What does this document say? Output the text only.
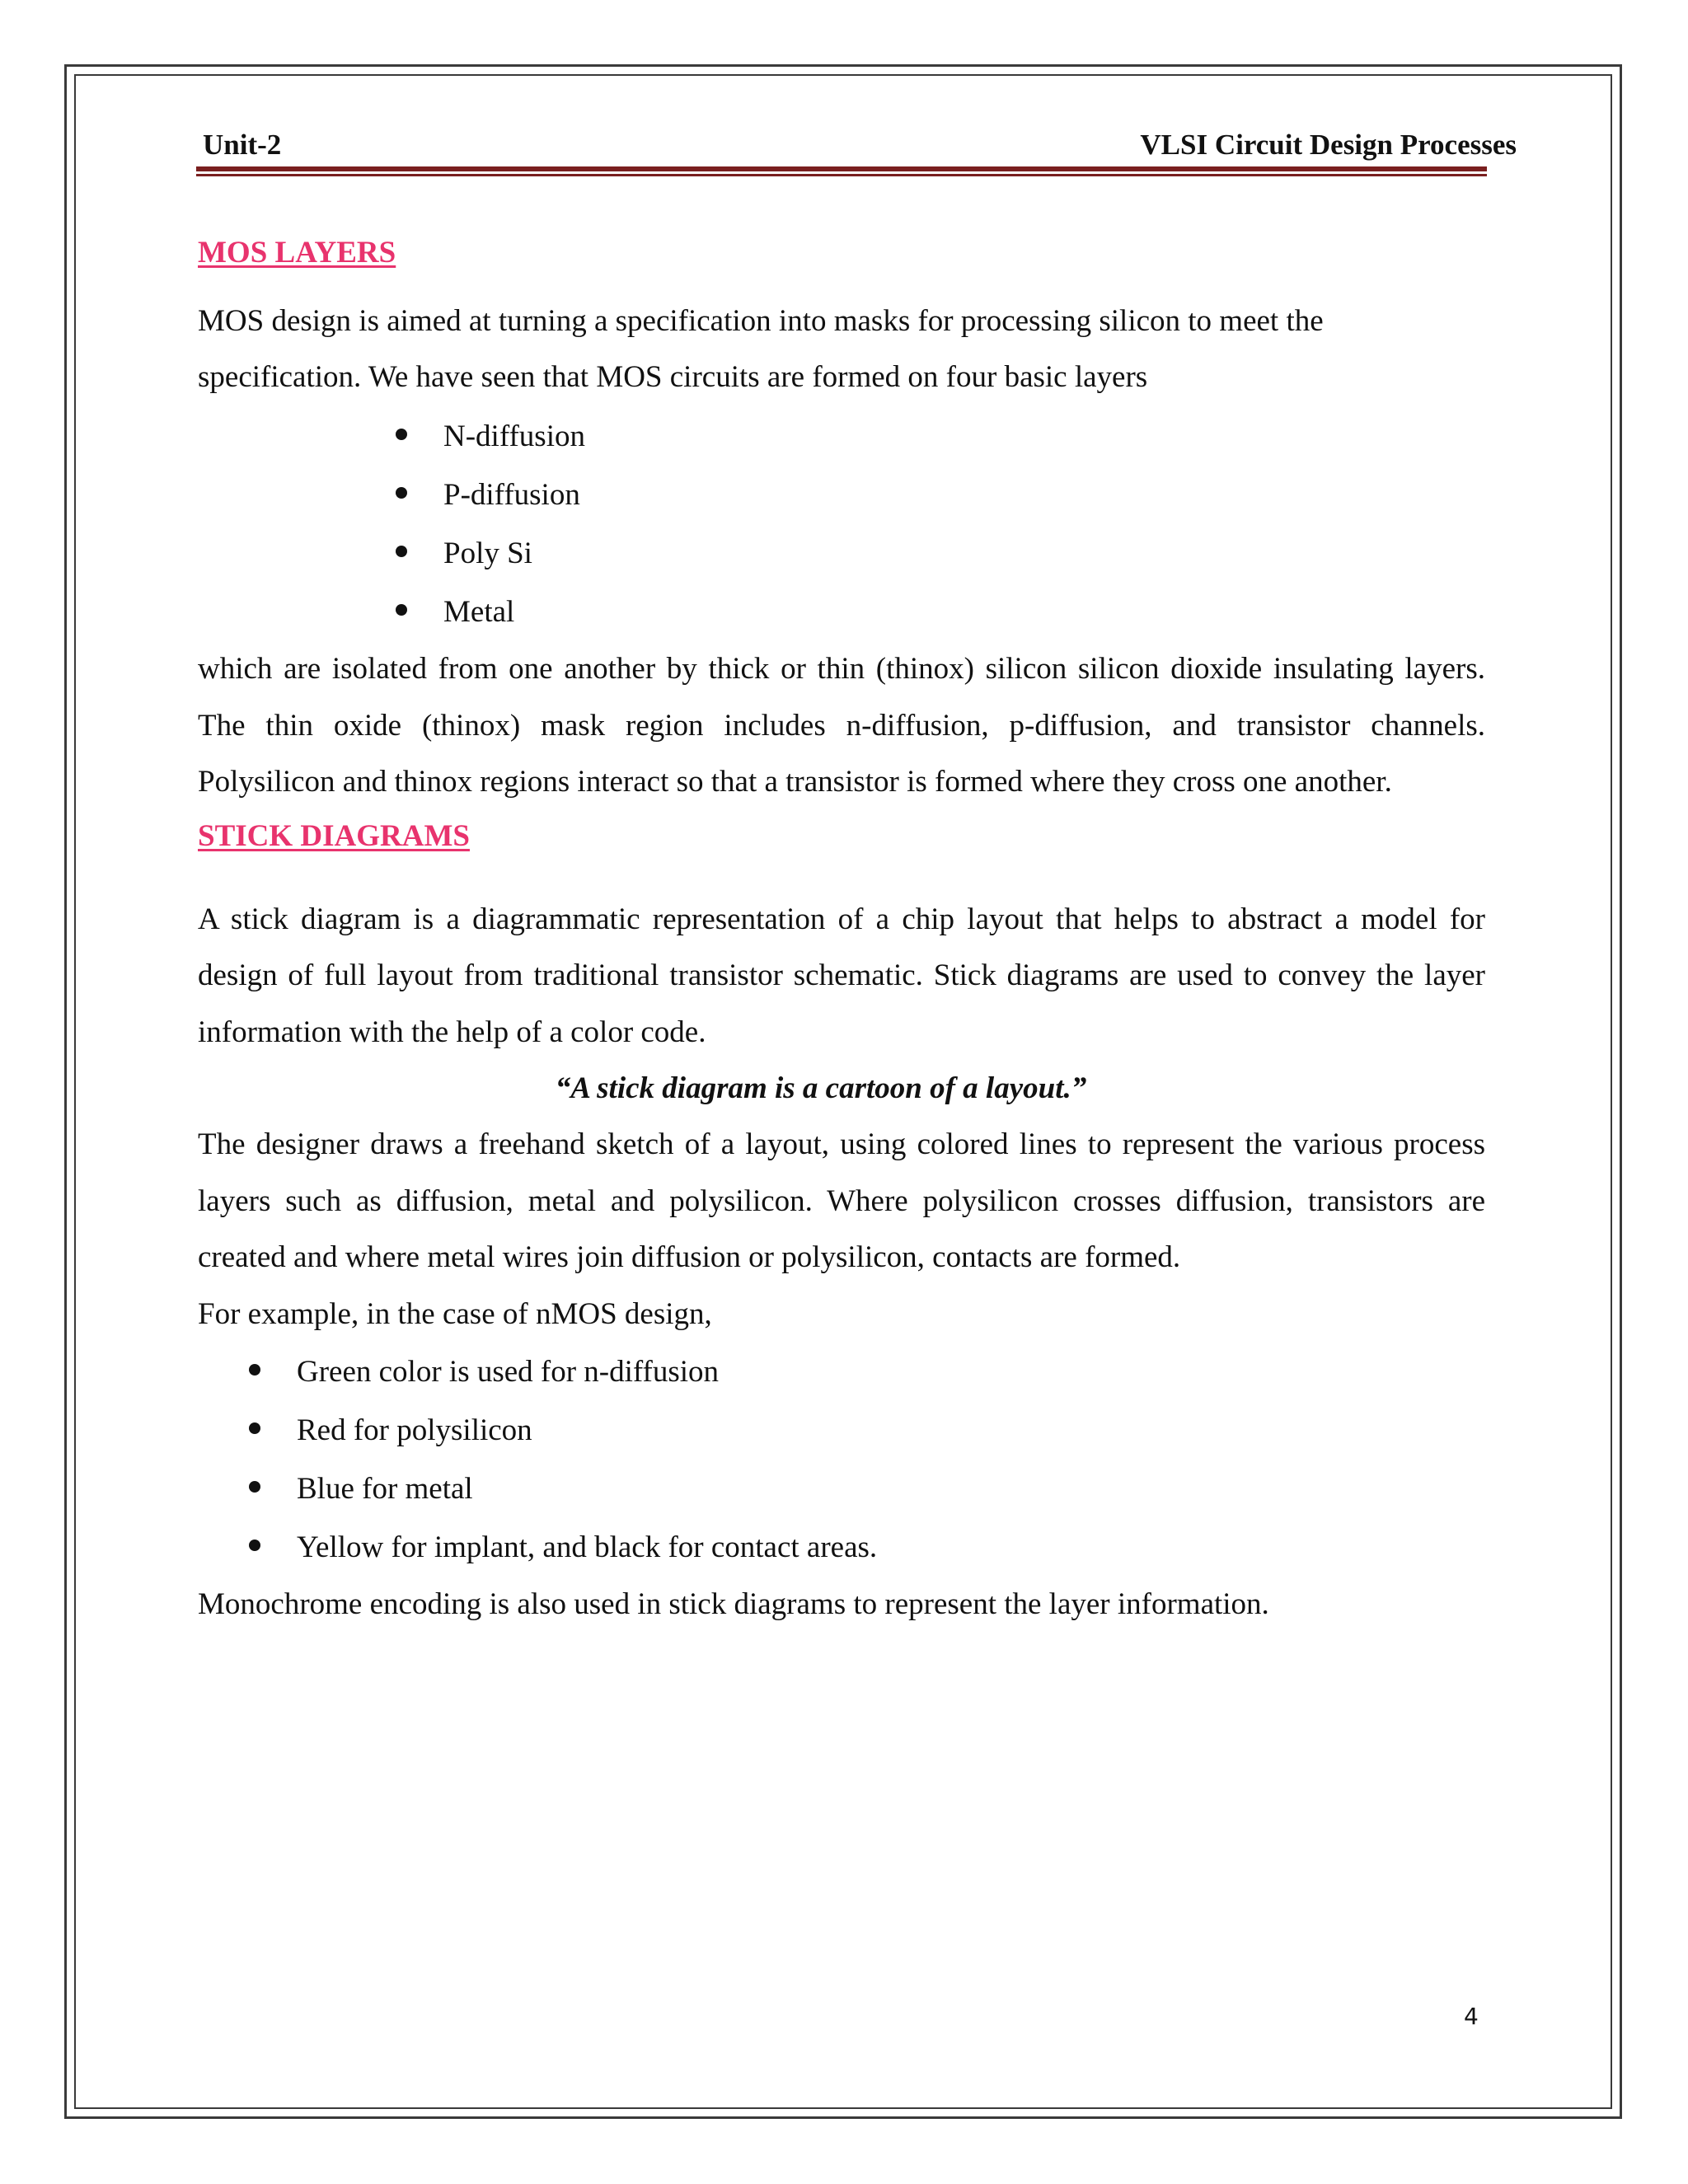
Unit-2	VLSI Circuit Design Processes
MOS LAYERS

MOS design is aimed at turning a specification into masks for processing silicon to meet the specification. We have seen that MOS circuits are formed on four basic layers

N-diffusion
P-diffusion
Poly Si
Metal

which are isolated from one another by thick or thin (thinox) silicon silicon dioxide insulating layers. The thin oxide (thinox) mask region includes n-diffusion, p-diffusion, and transistor channels. Polysilicon and thinox regions interact so that a transistor is formed where they cross one another.

STICK DIAGRAMS

A stick diagram is a diagrammatic representation of a chip layout that helps to abstract a model for design of full layout from traditional transistor schematic. Stick diagrams are used to convey the layer information with the help of a color code.

“A stick diagram is a cartoon of a layout.”

The designer draws a freehand sketch of a layout, using colored lines to represent the various process layers such as diffusion, metal and polysilicon. Where polysilicon crosses diffusion, transistors are created and where metal wires join diffusion or polysilicon, contacts are formed.

For example, in the case of nMOS design,

Green color is used for n-diffusion
Red for polysilicon
Blue for metal
Yellow for implant, and black for contact areas.

Monochrome encoding is also used in stick diagrams to represent the layer information.

4
